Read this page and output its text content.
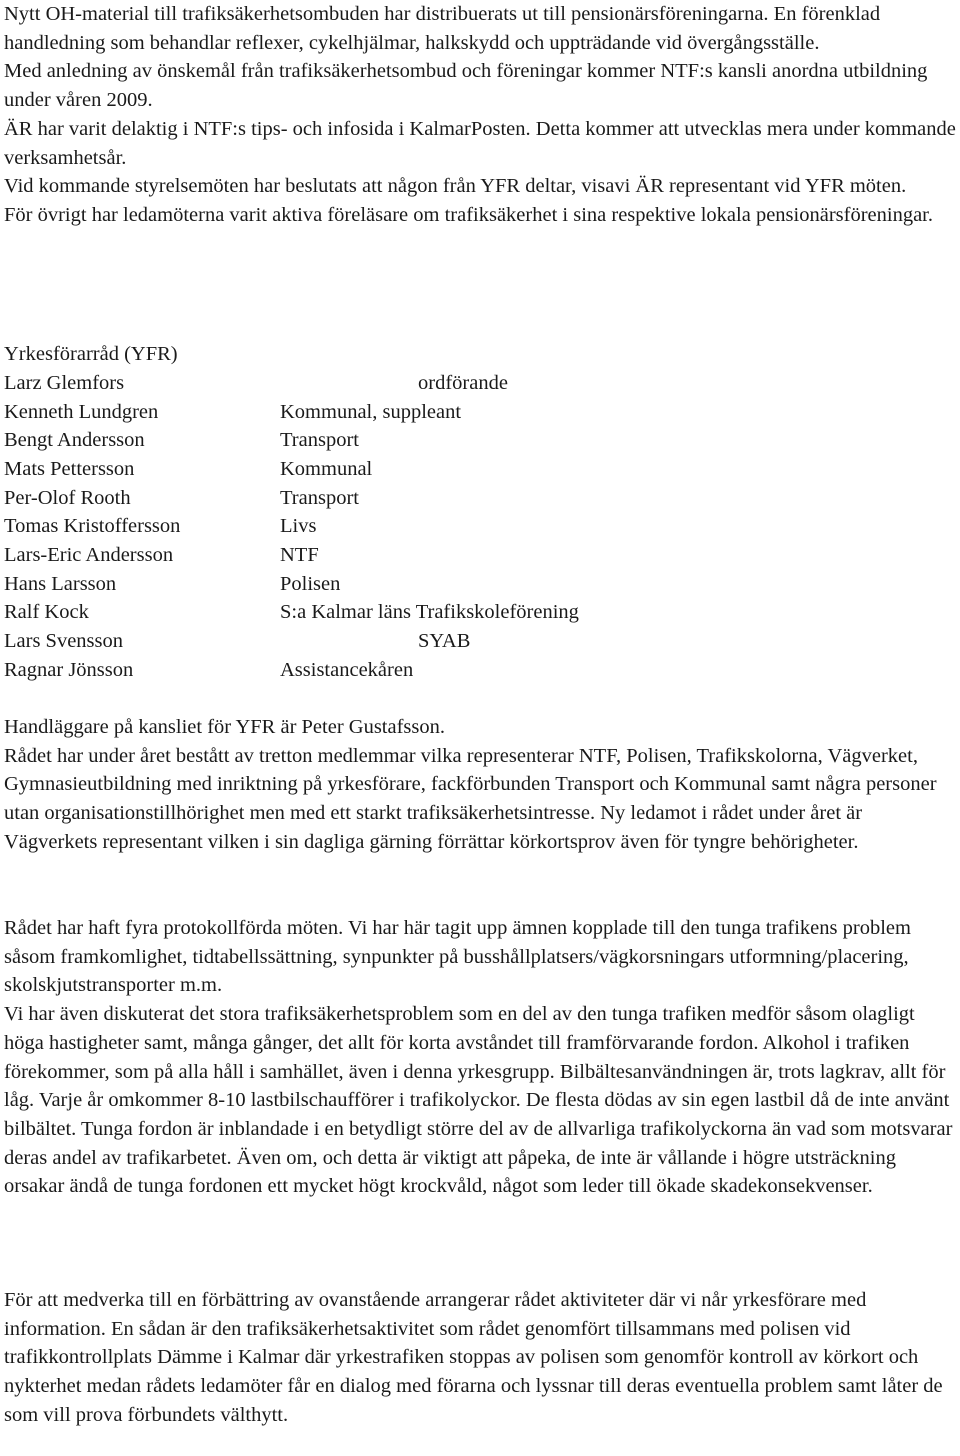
Nytt OH-material till trafiksäkerhetsombuden har distribuerats ut till pensionärsföreningarna. En förenklad handledning som behandlar reflexer, cykelhjälmar, halkskydd och uppträdande vid övergångsställe.

Med anledning av önskemål från trafiksäkerhetsombud och föreningar kommer NTF:s kansli anordna utbildning under våren 2009.

ÄR har varit delaktig i NTF:s tips- och infosida i KalmarPosten. Detta kommer att utvecklas mera under kommande verksamhetsår.

Vid kommande styrelsemöten har beslutats att någon från YFR deltar, visavi ÄR representant vid YFR möten.

För övrigt har ledamöterna varit aktiva föreläsare om trafiksäkerhet i sina respektive lokala pensionärsföreningar.

Yrkesförarråd (YFR)
Larz Glemfors	ordförande
Kenneth Lundgren	Kommunal, suppleant
Bengt Andersson	Transport
Mats Pettersson	Kommunal
Per-Olof Rooth	Transport
Tomas Kristoffersson	Livs
Lars-Eric Andersson	NTF
Hans Larsson	Polisen
Ralf Kock	S:a Kalmar läns Trafikskoleförening
Lars Svensson	SYAB
Ragnar Jönsson	Assistancekåren

Handläggare på kansliet för YFR är Peter Gustafsson.

Rådet har under året bestått av tretton medlemmar vilka representerar NTF, Polisen, Trafikskolorna, Vägverket, Gymnasieutbildning med inriktning på yrkesförare, fackförbunden Transport och Kommunal samt några personer utan organisationstillhörighet men med ett starkt trafiksäkerhetsintresse. Ny ledamot i rådet under året är Vägverkets representant vilken i sin dagliga gärning förrättar körkortsprov även för tyngre behörigheter.

Rådet har haft fyra protokollförda möten. Vi har här tagit upp ämnen kopplade till den tunga trafikens problem såsom framkomlighet, tidtabellssättning, synpunkter på busshållplatsers/vägkorsningars utformning/placering, skolskjutstransporter m.m.

Vi har även diskuterat det stora trafiksäkerhetsproblem som en del av den tunga trafiken medför såsom olagligt höga hastigheter samt, många gånger, det allt för korta avståndet till framförvarande fordon. Alkohol i trafiken förekommer, som på alla håll i samhället, även i denna yrkesgrupp. Bilbältesanvändningen är, trots lagkrav, allt för låg. Varje år omkommer 8-10 lastbilschaufförer i trafikolyckor. De flesta dödas av sin egen lastbil då de inte använt bilbältet. Tunga fordon är inblandade i en betydligt större del av de allvarliga trafikolyckorna än vad som motsvarar deras andel av trafikarbetet. Även om, och detta är viktigt att påpeka, de inte är vållande i högre utsträckning orsakar ändå de tunga fordonen ett mycket högt krockvåld, något som leder till ökade skadekonsekvenser.

För att medverka till en förbättring av ovanstående arrangerar rådet aktiviteter där vi når yrkesförare med information. En sådan är den trafiksäkerhetsaktivitet som rådet genomfört tillsammans med polisen vid trafikkontrollplats Dämme i Kalmar där yrkestrafiken stoppas av polisen som genomför kontroll av körkort och nykterhet medan rådets ledamöter får en dialog med förarna och lyssnar till deras eventuella problem samt låter de som vill prova förbundets välthytt.
